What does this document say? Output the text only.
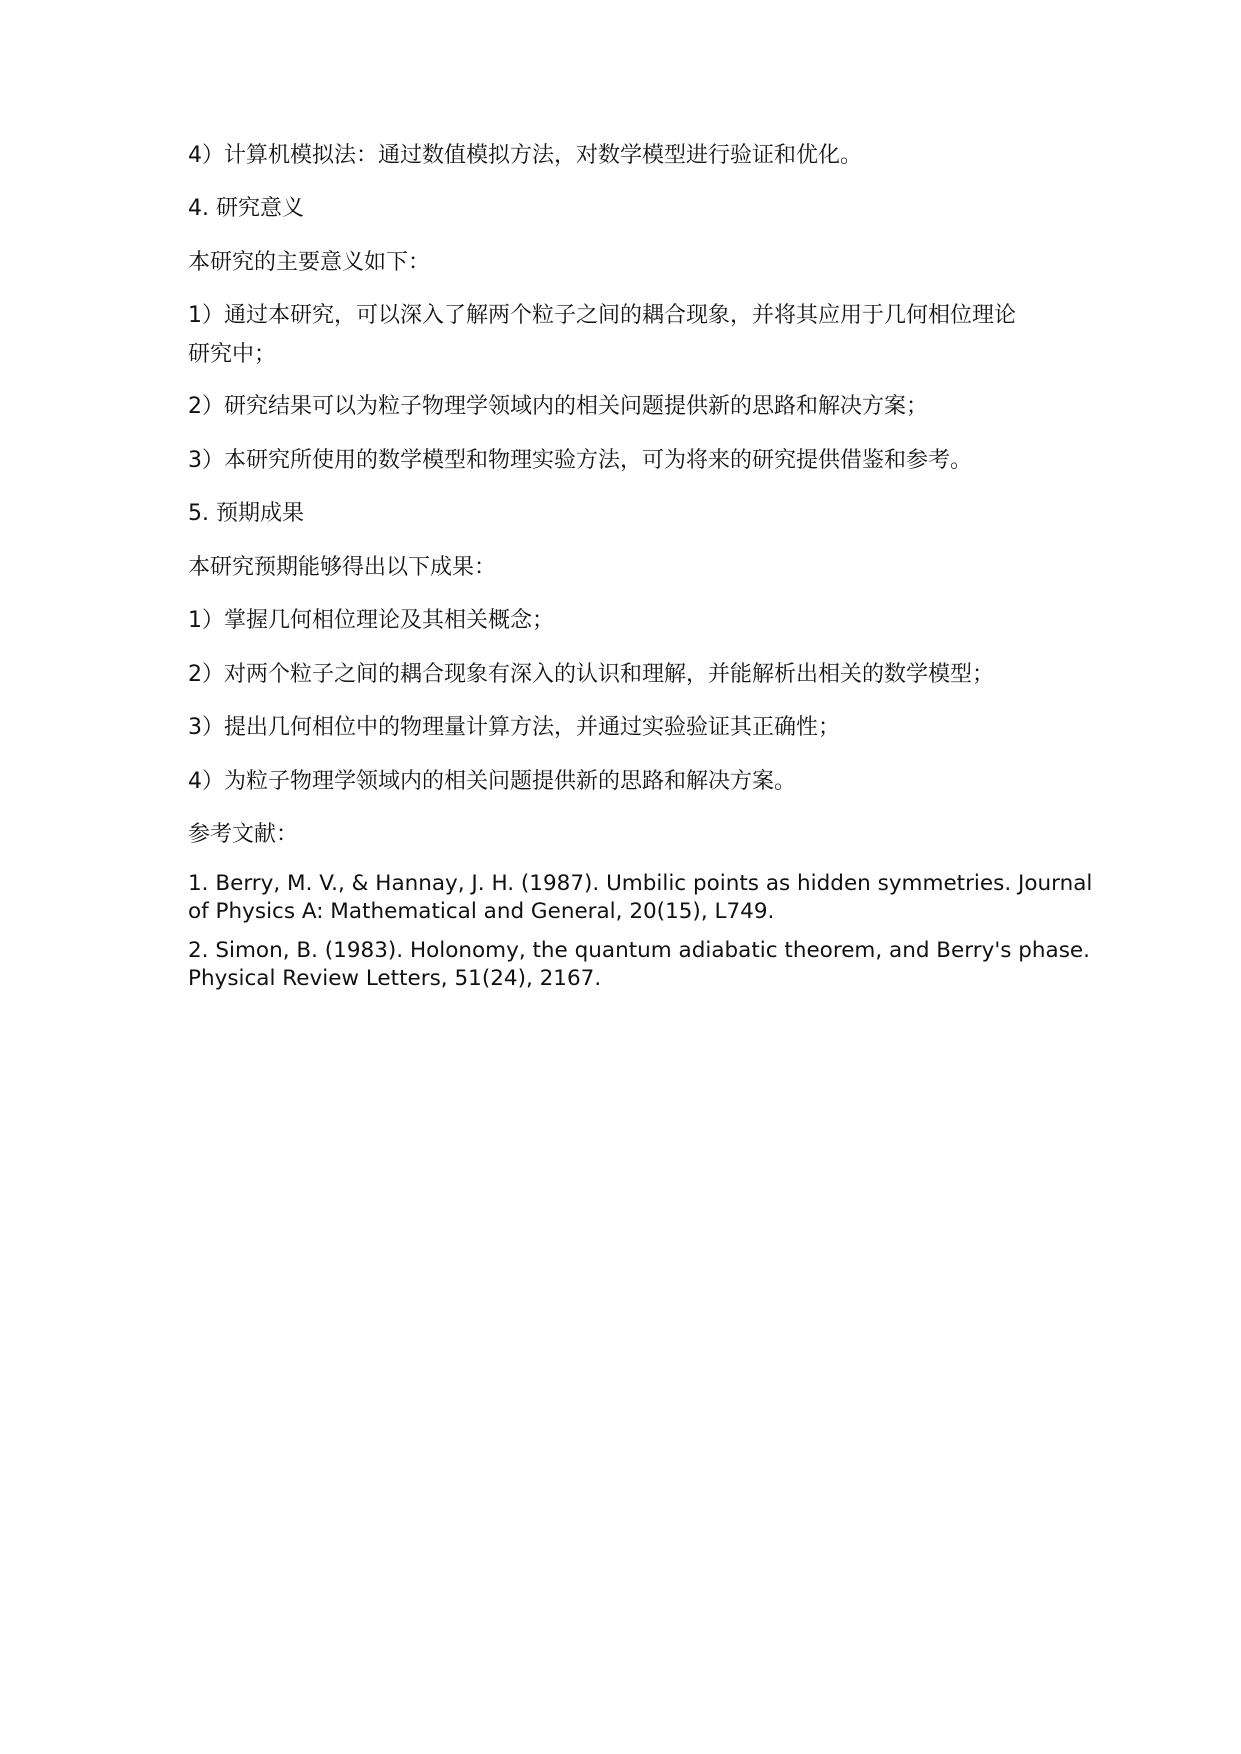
4）计算机模拟法：通过数值模拟方法，对数学模型进行验证和优化。

4. 研究意义

本研究的主要意义如下：

1）通过本研究，可以深入了解两个粒子之间的耦合现象，并将其应用于几何相位理论
研究中；

2）研究结果可以为粒子物理学领域内的相关问题提供新的思路和解决方案；

3）本研究所使用的数学模型和物理实验方法，可为将来的研究提供借鉴和参考。

5. 预期成果

本研究预期能够得出以下成果：

1）掌握几何相位理论及其相关概念；

2）对两个粒子之间的耦合现象有深入的认识和理解，并能解析出相关的数学模型；

3）提出几何相位中的物理量计算方法，并通过实验验证其正确性；

4）为粒子物理学领域内的相关问题提供新的思路和解决方案。

参考文献：

1. Berry, M. V., & Hannay, J. H. (1987). Umbilic points as hidden symmetries. Journal
of Physics A: Mathematical and General, 20(15), L749.
2. Simon, B. (1983). Holonomy, the quantum adiabatic theorem, and Berry's phase.
Physical Review Letters, 51(24), 2167.
